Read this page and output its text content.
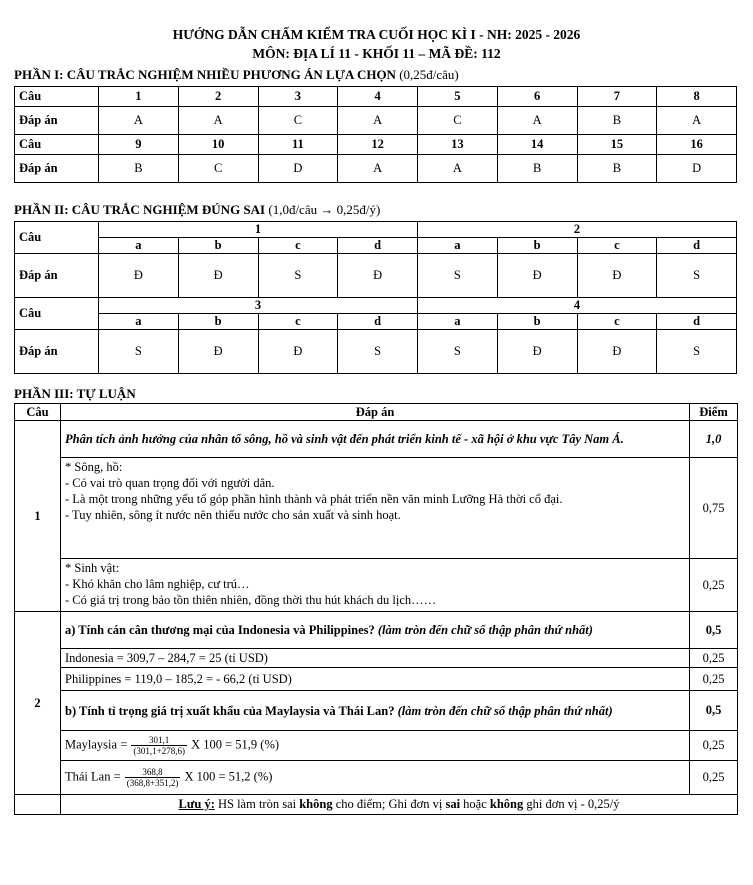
HƯỚNG DẪN CHẤM KIỂM TRA CUỐI HỌC KÌ I - NH: 2025 - 2026
MÔN: ĐỊA LÍ 11 - KHỐI 11 – MÃ ĐỀ: 112
PHẦN I: CÂU TRẮC NGHIỆM NHIỀU PHƯƠNG ÁN LỰA CHỌN (0,25đ/câu)
Câu	1	2	3	4	5	6	7	8
Đáp án	A	A	C	A	C	A	B	A
Câu	9	10	11	12	13	14	15	16
Đáp án	B	C	D	A	A	B	B	D
PHẦN II: CÂU TRẮC NGHIỆM ĐÚNG SAI (1,0đ/câu → 0,25đ/ý)
Câu	1				2			
	a	b	c	d	a	b	c	d
Đáp án	Đ	Đ	S	Đ	S	Đ	Đ	S
Câu	3				4			
	a	b	c	d	a	b	c	d
Đáp án	S	Đ	Đ	S	S	Đ	Đ	S
PHẦN III: TỰ LUẬN
Câu	Đáp án	Điểm
1	Phân tích ảnh hưởng của nhân tố sông, hồ và sinh vật đến phát triển kinh tế - xã hội ở khu vực Tây Nam Á.	1,0

	* Sông, hồ:
- Có vai trò quan trọng đối với người dân.
- Là một trong những yếu tố góp phần hình thành và phát triển nền văn minh Lưỡng Hà thời cổ đại.
- Tuy nhiên, sông ít nước nên thiếu nước cho sản xuất và sinh hoạt.	0,75

	* Sinh vật:
- Khó khăn cho lâm nghiệp, cư trú…
- Có giá trị trong bảo tồn thiên nhiên, đồng thời thu hút khách du lịch……	0,25
2	a) Tính cán cân thương mại của Indonesia và Philippines? (làm tròn đến chữ số thập phân thứ nhất)	0,5
	Indonesia = 309,7 – 284,7 = 25 (tỉ USD)	0,25
	Philippines = 119,0 – 185,2 = - 66,2 (tỉ USD)	0,25
	b) Tính tỉ trọng giá trị xuất khẩu của Maylaysia và Thái Lan? (làm tròn đến chữ số thập phân thứ nhất)	0,5
	Maylaysia = $\frac{301,1}{(301,1+278,6)}$ X 100 = 51,9 (%)	0,25
	Thái Lan = $\frac{368,8}{(368,8+351,2)}$ X 100 = 51,2 (%)	0,25
	Lưu ý: HS làm tròn sai không cho điểm; Ghi đơn vị sai hoặc không ghi đơn vị - 0,25/ý	
